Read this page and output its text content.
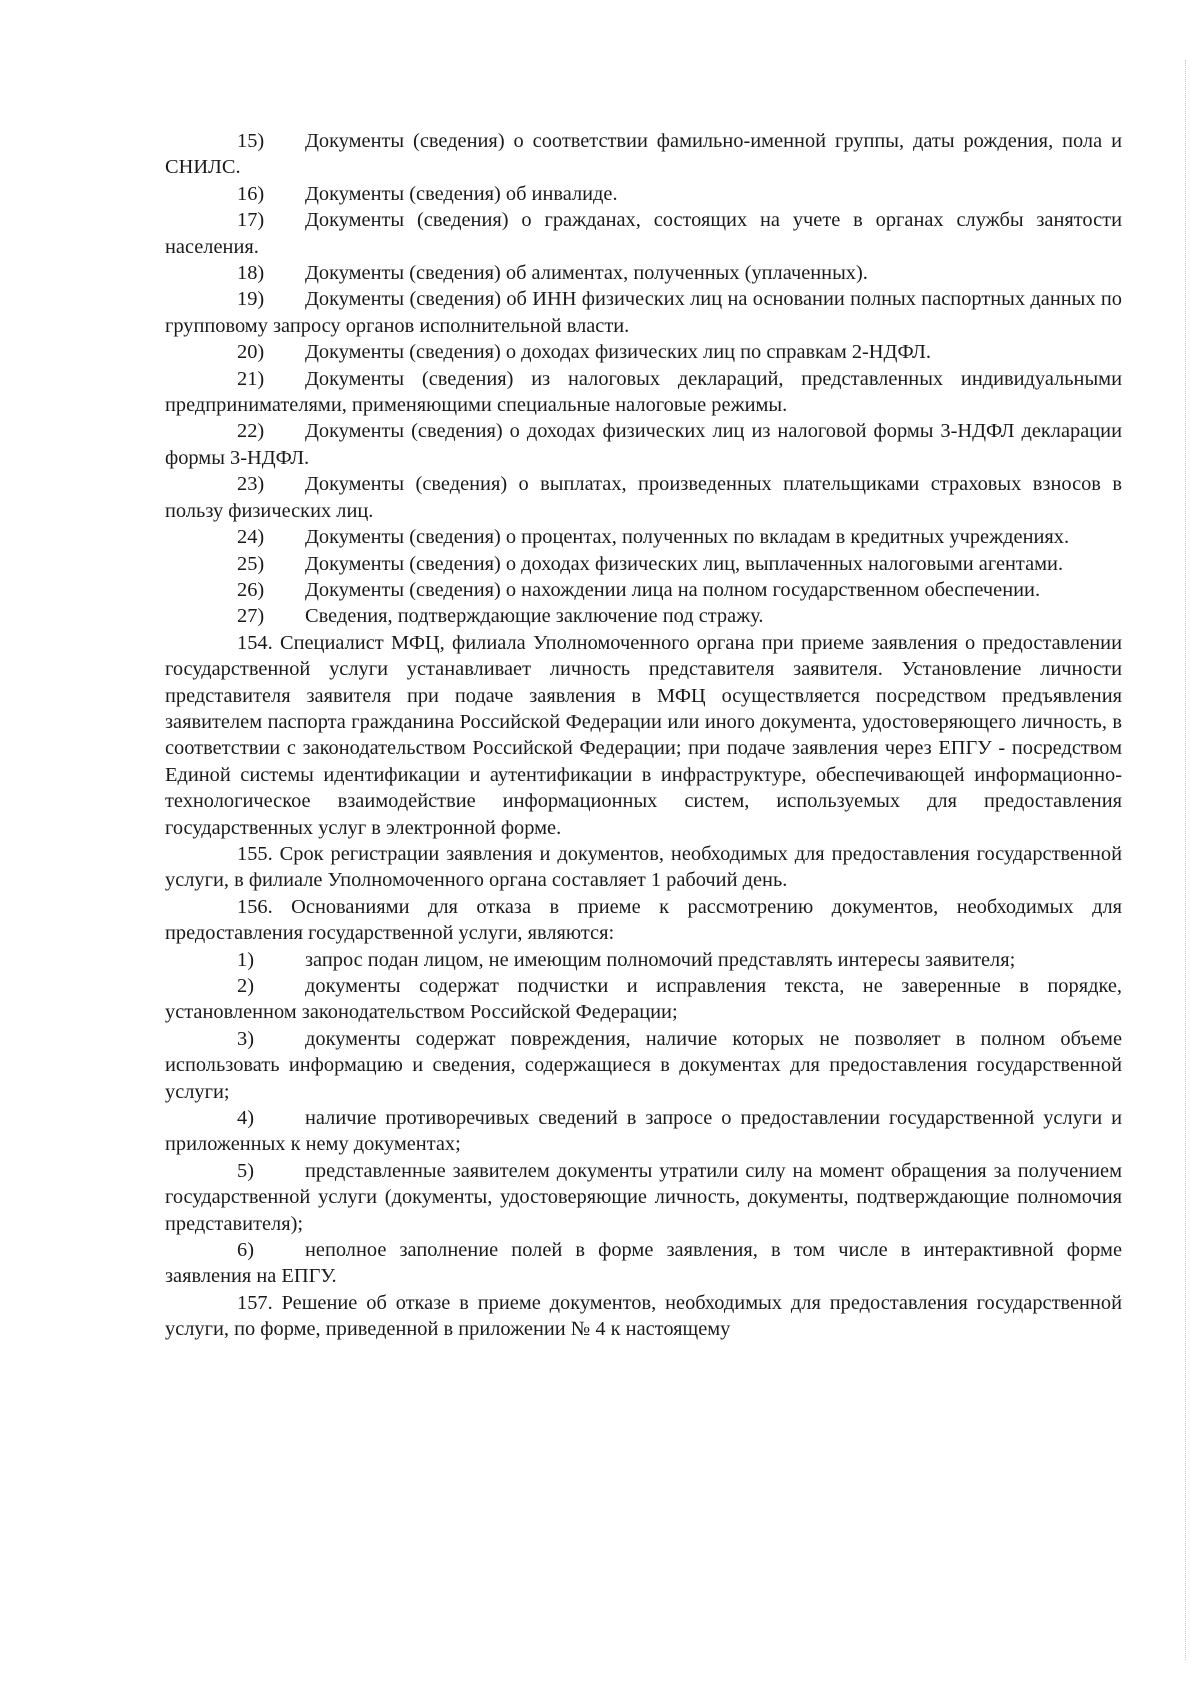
15) Документы (сведения) о соответствии фамильно-именной группы, даты рождения, пола и СНИЛС.

16) Документы (сведения) об инвалиде.

17) Документы (сведения) о гражданах, состоящих на учете в органах службы занятости населения.

18) Документы (сведения) об алиментах, полученных (уплаченных).

19) Документы (сведения) об ИНН физических лиц на основании полных паспортных данных по групповому запросу органов исполнительной власти.

20) Документы (сведения) о доходах физических лиц по справкам 2-НДФЛ.

21) Документы (сведения) из налоговых деклараций, представленных индивидуальными предпринимателями, применяющими специальные налоговые режимы.

22) Документы (сведения) о доходах физических лиц из налоговой формы 3-НДФЛ декларации формы 3-НДФЛ.

23) Документы (сведения) о выплатах, произведенных плательщиками страховых взносов в пользу физических лиц.

24) Документы (сведения) о процентах, полученных по вкладам в кредитных учреждениях.

25) Документы (сведения) о доходах физических лиц, выплаченных налоговыми агентами.

26) Документы (сведения) о нахождении лица на полном государственном обеспечении.

27) Сведения, подтверждающие заключение под стражу.

154. Специалист МФЦ, филиала Уполномоченного органа при приеме заявления о предоставлении государственной услуги устанавливает личность представителя заявителя. Установление личности представителя заявителя при подаче заявления в МФЦ осуществляется посредством предъявления заявителем паспорта гражданина Российской Федерации или иного документа, удостоверяющего личность, в соответствии с законодательством Российской Федерации; при подаче заявления через ЕПГУ - посредством Единой системы идентификации и аутентификации в инфраструктуре, обеспечивающей информационно-технологическое взаимодействие информационных систем, используемых для предоставления государственных услуг в электронной форме.

155. Срок регистрации заявления и документов, необходимых для предоставления государственной услуги, в филиале Уполномоченного органа составляет 1 рабочий день.

156. Основаниями для отказа в приеме к рассмотрению документов, необходимых для предоставления государственной услуги, являются:

1)	запрос подан лицом, не имеющим полномочий представлять интересы заявителя;

2)	документы содержат подчистки и исправления текста, не заверенные в порядке, установленном законодательством Российской Федерации;

3)	документы содержат повреждения, наличие которых не позволяет в полном объеме использовать информацию и сведения, содержащиеся в документах для предоставления государственной услуги;

4)	наличие противоречивых сведений в запросе о предоставлении государственной услуги и приложенных к нему документах;

5)	представленные заявителем документы утратили силу на момент обращения за получением государственной услуги (документы, удостоверяющие личность, документы, подтверждающие полномочия представителя);

6)	неполное заполнение полей в форме заявления, в том числе в интерактивной форме заявления на ЕПГУ.

157. Решение об отказе в приеме документов, необходимых для предоставления государственной услуги, по форме, приведенной в приложении № 4 к настоящему
